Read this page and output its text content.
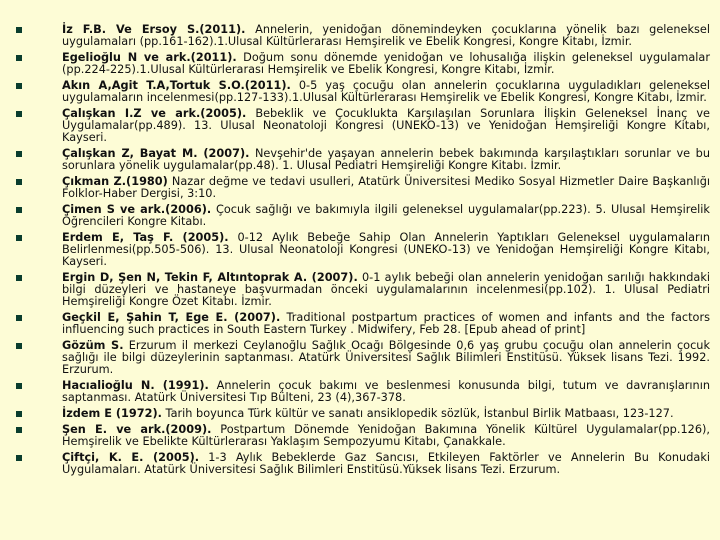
İz F.B. Ve Ersoy S.(2011). Annelerin, yenidoğan dönemindeyken çocuklarına yönelik bazı geleneksel uygulamaları (pp.161-162).1.Ulusal Kültürlerarası Hemşirelik ve Ebelik Kongresi, Kongre Kitabı, İzmir.
Egelioğlu N ve ark.(2011). Doğum sonu dönemde yenidoğan ve lohusalığa ilişkin geleneksel uygulamalar (pp.224-225).1.Ulusal Kültürlerarası Hemşirelik ve Ebelik Kongresi, Kongre Kitabı, İzmir.
Akın A,Agit T.A,Tortuk S.O.(2011). 0-5 yaş çocuğu olan annelerin çocuklarına uyguladıkları geleneksel uygulamaların incelenmesi(pp.127-133).1.Ulusal Kültürlerarası Hemşirelik ve Ebelik Kongresi, Kongre Kitabı, İzmir.
Çalışkan I.Z ve ark.(2005). Bebeklik ve Çocuklukta Karşılaşılan Sorunlara İlişkin Geleneksel İnanç ve Uygulamalar(pp.489). 13. Ulusal Neonatoloji Kongresi (UNEKO-13) ve Yenidoğan Hemşireliği Kongre Kitabı, Kayseri.
Çalışkan Z, Bayat M. (2007). Nevşehir'de yaşayan annelerin bebek bakımında karşılaştıkları sorunlar ve bu sorunlara yönelik uygulamalar(pp.48). 1. Ulusal Pediatri Hemşireliği Kongre Kitabı. İzmir.
Çıkman Z.(1980) Nazar değme ve tedavi usulleri, Atatürk Üniversitesi Mediko Sosyal Hizmetler Daire Başkanlığı Folklor-Haber Dergisi, 3:10.
Çimen S ve ark.(2006). Çocuk sağlığı ve bakımıyla ilgili geleneksel uygulamalar(pp.223). 5. Ulusal Hemşirelik Öğrencileri Kongre Kitabı.
Erdem E, Taş F. (2005). 0-12 Aylık Bebeğe Sahip Olan Annelerin Yaptıkları Geleneksel uygulamaların Belirlenmesi(pp.505-506). 13. Ulusal Neonatoloji Kongresi (UNEKO-13) ve Yenidoğan Hemşireliği Kongre Kitabı, Kayseri.
Ergin D, Şen N, Tekin F, Altıntoprak A. (2007). 0-1 aylık bebeği olan annelerin yenidoğan sarılığı hakkındaki bilgi düzeyleri ve hastaneye başvurmadan önceki uygulamalarının incelenmesi(pp.102). 1. Ulusal Pediatri Hemşireliği Kongre Özet Kitabı. İzmir.
Geçkil E, Şahin T, Ege E. (2007). Traditional postpartum practices of women and infants and the factors influencing such practices in South Eastern Turkey . Midwifery, Feb 28. [Epub ahead of print]
Gözüm S. Erzurum il merkezi Ceylanoğlu Sağlık Ocağı Bölgesinde 0,6 yaş grubu çocuğu olan annelerin çocuk sağlığı ile bilgi düzeylerinin saptanması. Atatürk Üniversitesi Sağlık Bilimleri Enstitüsü. Yüksek lisans Tezi. 1992. Erzurum.
Hacıalioğlu N. (1991). Annelerin çocuk bakımı ve beslenmesi konusunda bilgi, tutum ve davranışlarının saptanması. Atatürk Üniversitesi Tıp Bülteni, 23 (4),367-378.
İzdem E (1972). Tarih boyunca Türk kültür ve sanatı ansiklopedik sözlük, İstanbul Birlik Matbaası, 123-127.
Şen E. ve ark.(2009). Postpartum Dönemde Yenidoğan Bakımına Yönelik Kültürel Uygulamalar(pp.126), Hemşirelik ve Ebelikte Kültürlerarası Yaklaşım Sempozyumu Kitabı, Çanakkale.
Çiftçi, K. E. (2005). 1-3 Aylık Bebeklerde Gaz Sancısı, Etkileyen Faktörler ve Annelerin Bu Konudaki Uygulamaları. Atatürk Üniversitesi Sağlık Bilimleri Enstitüsü.Yüksek lisans Tezi. Erzurum.
